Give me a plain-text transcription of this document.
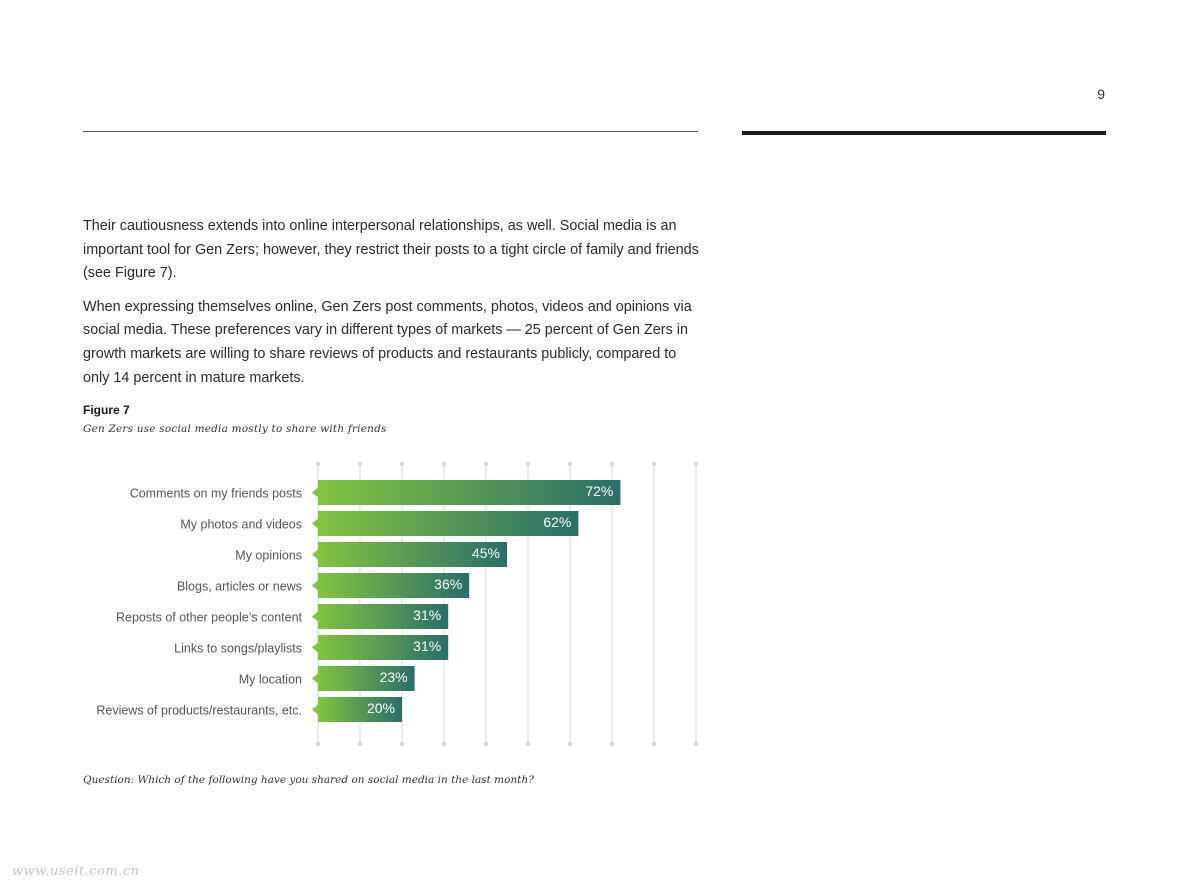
9

Their cautiousness extends into online interpersonal relationships, as well. Social media is an important tool for Gen Zers; however, they restrict their posts to a tight circle of family and friends (see Figure 7).

When expressing themselves online, Gen Zers post comments, photos, videos and opinions via social media. These preferences vary in different types of markets — 25 percent of Gen Zers in growth markets are willing to share reviews of products and restaurants publicly, compared to only 14 percent in mature markets.

Figure 7
Gen Zers use social media mostly to share with friends
Comments on my friends posts	72%
My photos and videos	62%
My opinions	45%
Blogs, articles or news	36%
Reposts of other people’s content	31%
Links to songs/playlists	31%
My location	23%
Reviews of products/restaurants, etc.	20%
Question: Which of the following have you shared on social media in the last month?
www.useit.com.cn
